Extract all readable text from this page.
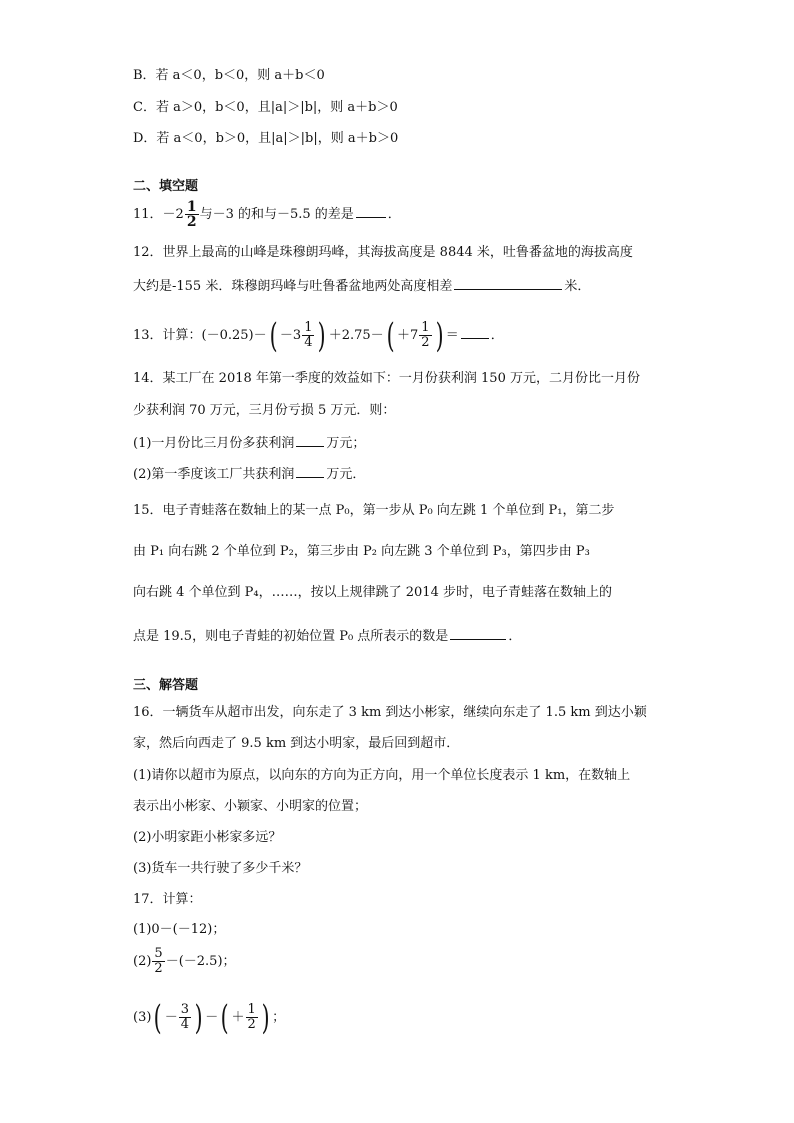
B．若 a＜0，b＜0，则 a＋b＜0
C．若 a＞0，b＜0，且|a|＞|b|，则 a＋b＞0
D．若 a＜0，b＞0，且|a|＞|b|，则 a＋b＞0
二、填空题
11．$-2 \frac{1}{2}$ 与－3 的和与－5.5 的差是	．
12．世界上最高的山峰是珠穆朗玛峰，其海拔高度是 8844 米，吐鲁番盆地的海拔高度
大约是-155 米．珠穆朗玛峰与吐鲁番盆地两处高度相差	米．
13．计算：$(-0.25)-( -3 \frac{1}{4}$ ) $+2.75-( +7 \frac{1}{2}$ ) ＝ ．
14．某工厂在 2018 年第一季度的效益如下：一月份获利润 150 万元，二月份比一月份
少获利润 70 万元，三月份亏损 5 万元．则：
(1)一月份比三月份多获利润 万元；
(2)第一季度该工厂共获利润 万元．
15．电子青蛙落在数轴上的某一点 P₀，第一步从 P₀ 向左跳 1 个单位到 P₁，第二步
由 P₁ 向右跳 2 个单位到 P₂，第三步由 P₂ 向左跳 3 个单位到 P₃，第四步由 P₃
向右跳 4 个单位到 P₄，……，按以上规律跳了 2014 步时，电子青蛙落在数轴上的
点是 19.5，则电子青蛙的初始位置 P₀ 点所表示的数是	．
三、解答题
16．一辆货车从超市出发，向东走了 3 km 到达小彬家，继续向东走了 1.5 km 到达小颖
家，然后向西走了 9.5 km 到达小明家，最后回到超市．
(1)请你以超市为原点，以向东的方向为正方向，用一个单位长度表示 1 km，在数轴上
表示出小彬家、小颖家、小明家的位置；
(2)小明家距小彬家多远？
(3)货车一共行驶了多少千米？
17．计算：
(1)0－(－12)；
$(2) \frac{5}{2} -(-2.5)$；
$(3)( - \frac{3}{4}$ ) －( ＋ $\frac{1}{2}$ ) ；
